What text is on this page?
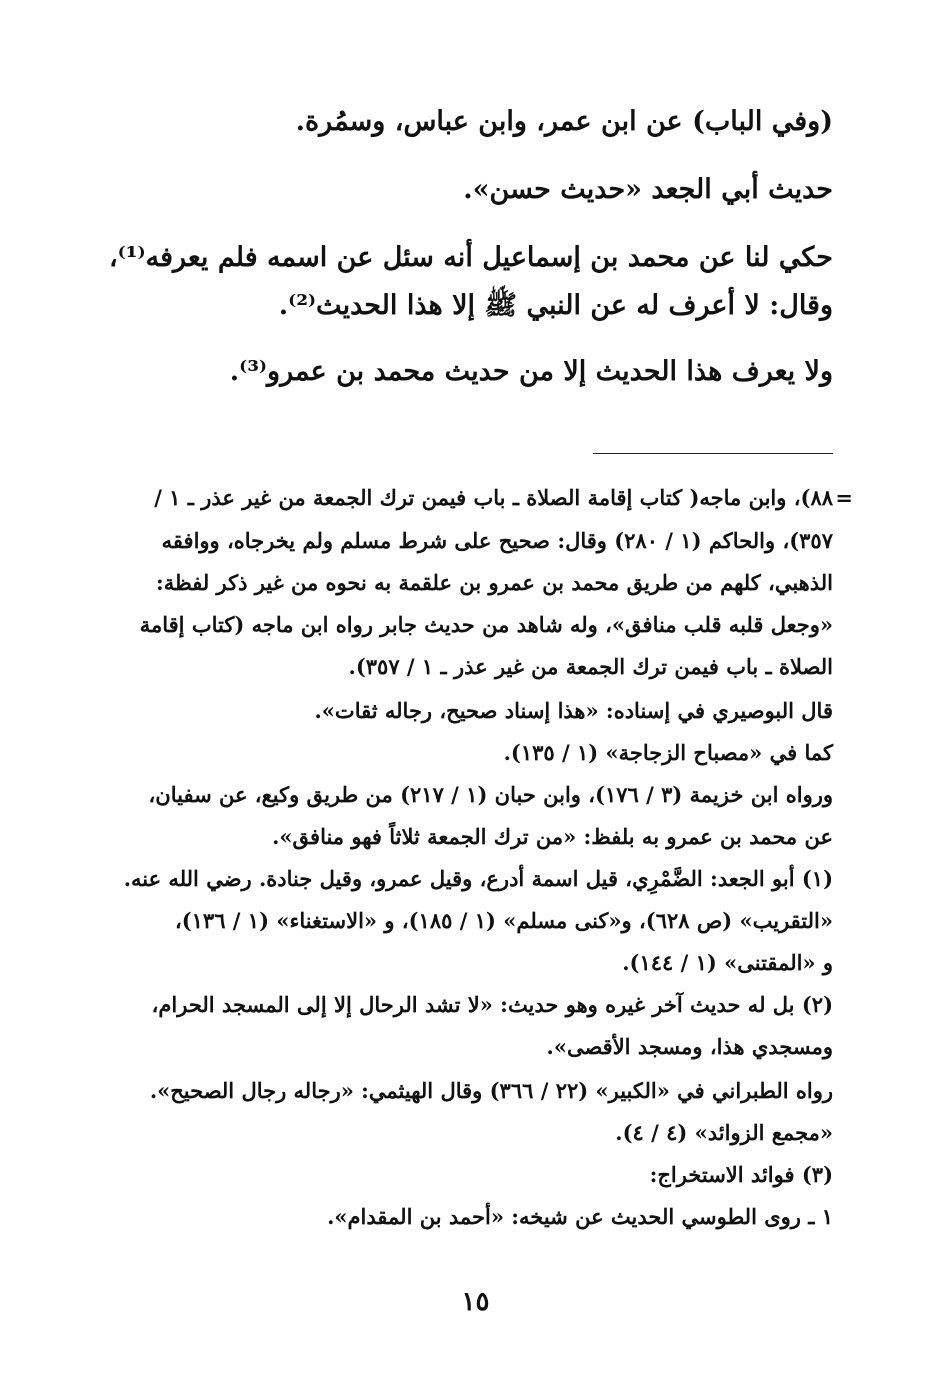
(وفي الباب) عن ابن عمر، وابن عباس، وسمُرة.
حديث أبي الجعد «حديث حسن».
حكي لنا عن محمد بن إسماعيل أنه سئل عن اسمه فلم يعرفه⁽¹⁾،
وقال: لا أعرف له عن النبي ﷺ إلا هذا الحديث⁽²⁾.
ولا يعرف هذا الحديث إلا من حديث محمد بن عمرو⁽³⁾.
=
٨٨)، وابن ماجه( كتاب إقامة الصلاة ـ باب فيمن ترك الجمعة من غير عذر ـ ١ /
٣٥٧)، والحاكم (١ / ٢٨٠) وقال: صحيح على شرط مسلم ولم يخرجاه، ووافقه
الذهبي، كلهم من طريق محمد بن عمرو بن علقمة به نحوه من غير ذكر لفظة:
«وجعل قلبه قلب منافق»، وله شاهد من حديث جابر رواه ابن ماجه (كتاب إقامة
الصلاة ـ باب فيمن ترك الجمعة من غير عذر ـ ١ / ٣٥٧).
قال البوصيري في إسناده: «هذا إسناد صحيح، رجاله ثقات».
كما في «مصباح الزجاجة» (١ / ١٣٥).
ورواه ابن خزيمة (٣ / ١٧٦)، وابن حبان (١ / ٢١٧) من طريق وكيع، عن سفيان،
عن محمد بن عمرو به بلفظ: «من ترك الجمعة ثلاثاً فهو منافق».
(١) أبو الجعد: الضَّمْرِي، قيل اسمة أدرع، وقيل عمرو، وقيل جنادة. رضي الله عنه.
«التقريب» (ص ٦٢٨)، و«كنى مسلم» (١ / ١٨٥)، و «الاستغناء» (١ / ١٣٦)،
و «المقتنى» (١ / ١٤٤).
(٢) بل له حديث آخر غيره وهو حديث: «لا تشد الرحال إلا إلى المسجد الحرام،
ومسجدي هذا، ومسجد الأقصى».
رواه الطبراني في «الكبير» (٢٢ / ٣٦٦) وقال الهيثمي: «رجاله رجال الصحيح».
«مجمع الزوائد» (٤ / ٤).
(٣) فوائد الاستخراج:
١ ـ روى الطوسي الحديث عن شيخه: «أحمد بن المقدام».
١٥
